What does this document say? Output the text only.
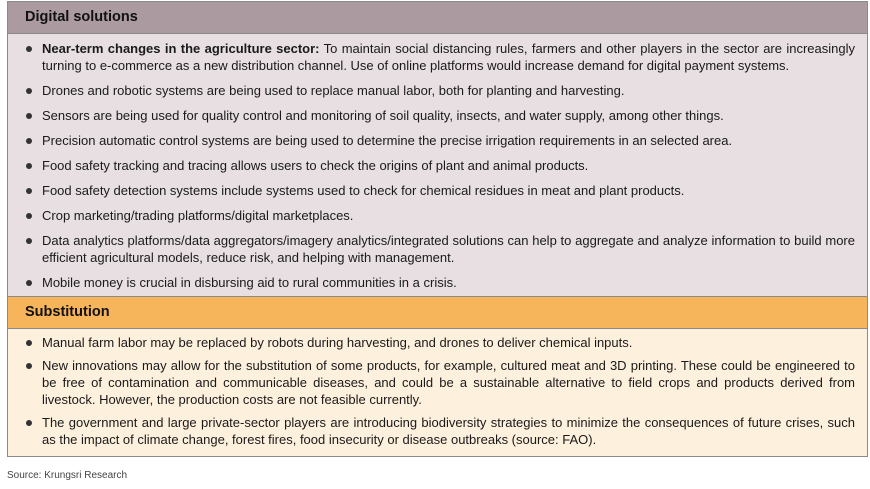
Digital solutions
Near-term changes in the agriculture sector: To maintain social distancing rules, farmers and other players in the sector are increasingly turning to e-commerce as a new distribution channel. Use of online platforms would increase demand for digital payment systems.
Drones and robotic systems are being used to replace manual labor, both for planting and harvesting.
Sensors are being used for quality control and monitoring of soil quality, insects, and water supply, among other things.
Precision automatic control systems are being used to determine the precise irrigation requirements in an selected area.
Food safety tracking and tracing allows users to check the origins of plant and animal products.
Food safety detection systems include systems used to check for chemical residues in meat and plant products.
Crop marketing/trading platforms/digital marketplaces.
Data analytics platforms/data aggregators/imagery analytics/integrated solutions can help to aggregate and analyze information to build more efficient agricultural models, reduce risk, and helping with management.
Mobile money is crucial in disbursing aid to rural communities in a crisis.
Substitution
Manual farm labor may be replaced by robots during harvesting, and drones to deliver chemical inputs.
New innovations may allow for the substitution of some products, for example, cultured meat and 3D printing. These could be engineered to be free of contamination and communicable diseases, and could be a sustainable alternative to field crops and products derived from livestock. However, the production costs are not feasible currently.
The government and large private-sector players are introducing biodiversity strategies to minimize the consequences of future crises, such as the impact of climate change, forest fires, food insecurity or disease outbreaks (source: FAO).
Source: Krungsri Research
